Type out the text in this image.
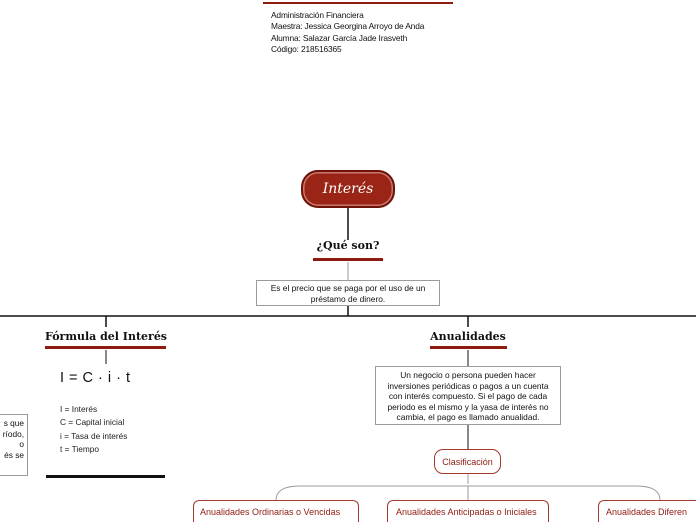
Administración Financiera
Maestra: Jessica Georgina Arroyo de Anda
Alumna: Salazar García Jade Irasveth
Código: 218516365
Interés
¿Qué son?
Es el precio que se paga por el uso de un préstamo de dinero.
Fórmula del Interés
I = C · i · t
I = Interés
C = Capital inicial
i = Tasa de interés
t = Tiempo
s que
ríodo,
o
és se
Anualidades
Un negocio o persona pueden hacer inversiones periódicas o pagos a un cuenta con interés compuesto. Si el pago de cada periodo es el mismo y la yasa de interés no cambia, el pago es llamado anualidad.
Clasificación
Anualidades Ordinarias o Vencidas	Anualidades Anticipadas o Iniciales	Anualidades Diferen
